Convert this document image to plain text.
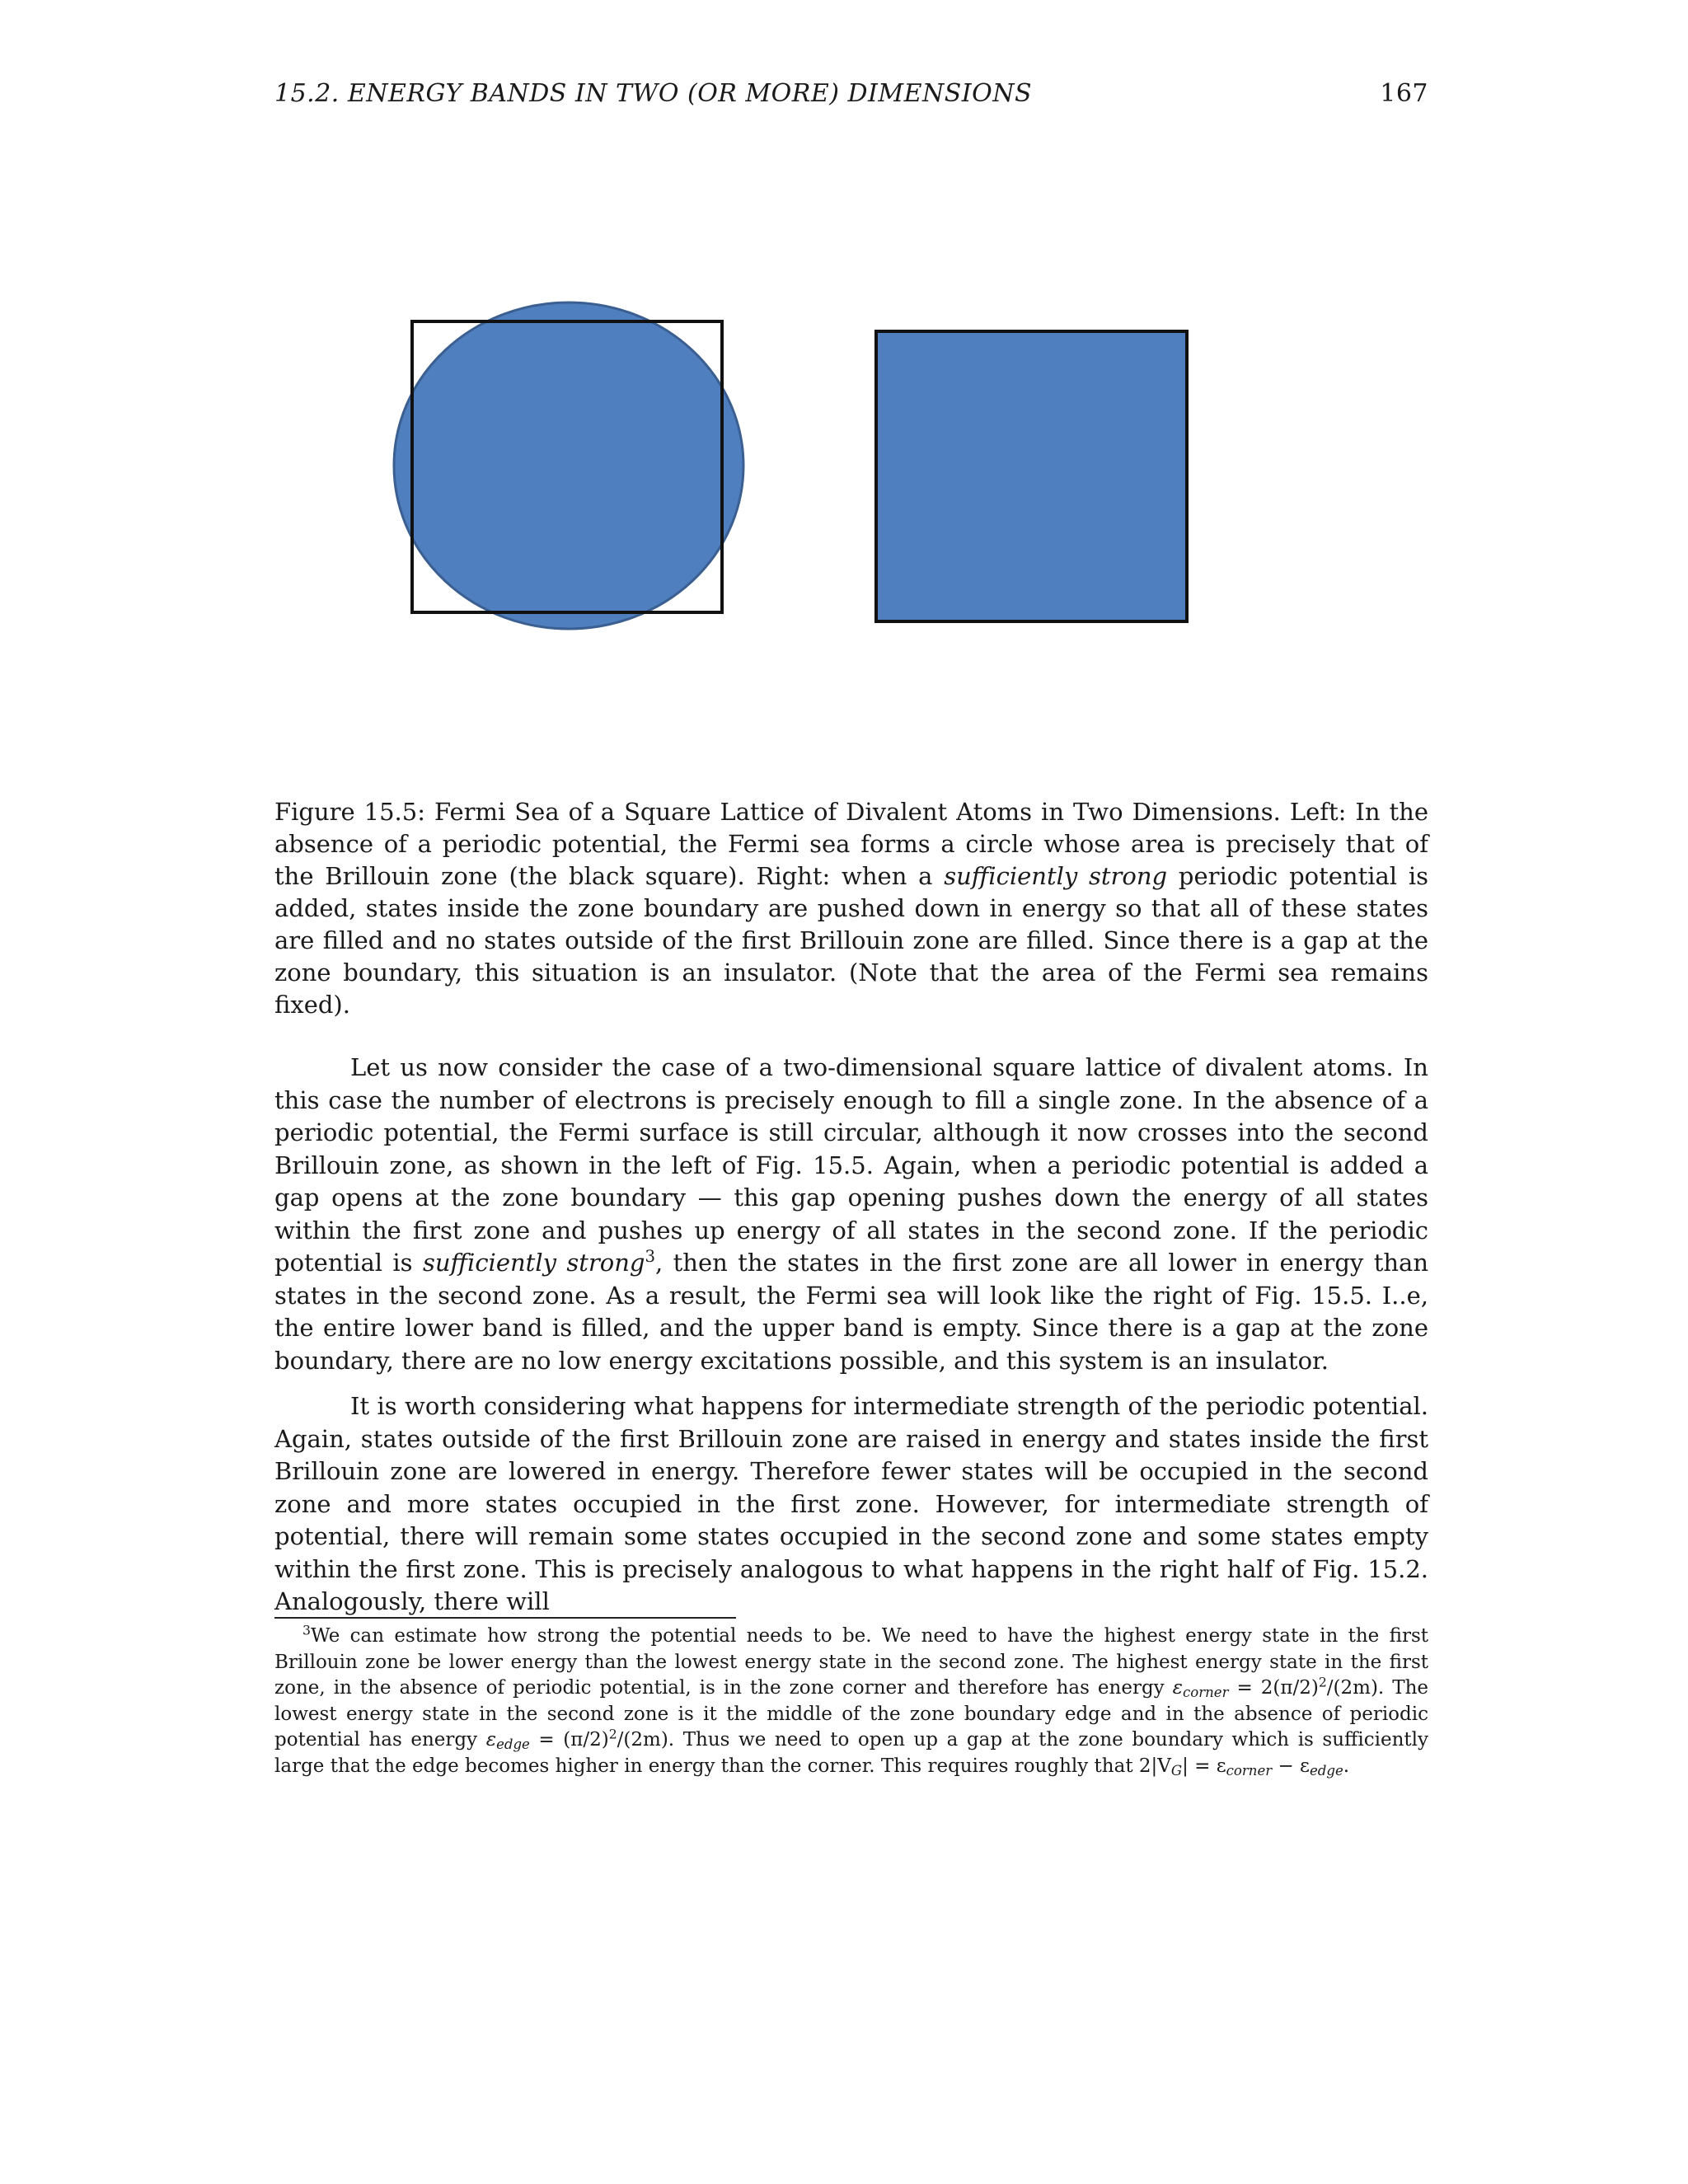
15.2. ENERGY BANDS IN TWO (OR MORE) DIMENSIONS	167
Figure 15.5: Fermi Sea of a Square Lattice of Divalent Atoms in Two Dimensions. Left: In the absence of a periodic potential, the Fermi sea forms a circle whose area is precisely that of the Brillouin zone (the black square). Right: when a sufficiently strong periodic potential is added, states inside the zone boundary are pushed down in energy so that all of these states are filled and no states outside of the first Brillouin zone are filled. Since there is a gap at the zone boundary, this situation is an insulator. (Note that the area of the Fermi sea remains fixed).

Let us now consider the case of a two-dimensional square lattice of divalent atoms. In this case the number of electrons is precisely enough to fill a single zone. In the absence of a periodic potential, the Fermi surface is still circular, although it now crosses into the second Brillouin zone, as shown in the left of Fig. 15.5. Again, when a periodic potential is added a gap opens at the zone boundary — this gap opening pushes down the energy of all states within the first zone and pushes up energy of all states in the second zone. If the periodic potential is sufficiently strong$^3$, then the states in the first zone are all lower in energy than states in the second zone. As a result, the Fermi sea will look like the right of Fig. 15.5. I..e, the entire lower band is filled, and the upper band is empty. Since there is a gap at the zone boundary, there are no low energy excitations possible, and this system is an insulator.

It is worth considering what happens for intermediate strength of the periodic potential. Again, states outside of the first Brillouin zone are raised in energy and states inside the first Brillouin zone are lowered in energy. Therefore fewer states will be occupied in the second zone and more states occupied in the first zone. However, for intermediate strength of potential, there will remain some states occupied in the second zone and some states empty within the first zone. This is precisely analogous to what happens in the right half of Fig. 15.2. Analogously, there will

$^3$We can estimate how strong the potential needs to be. We need to have the highest energy state in the first Brillouin zone be lower energy than the lowest energy state in the second zone. The highest energy state in the first zone, in the absence of periodic potential, is in the zone corner and therefore has energy $\varepsilon_{corner} = 2(\pi/2)^2/(2m)$. The lowest energy state in the second zone is it the middle of the zone boundary edge and in the absence of periodic potential has energy $\varepsilon_{edge} = (\pi/2)^2/(2m)$. Thus we need to open up a gap at the zone boundary which is sufficiently large that the edge becomes higher in energy than the corner. This requires roughly that $2|V_G| = \varepsilon_{corner} - \varepsilon_{edge}$.
